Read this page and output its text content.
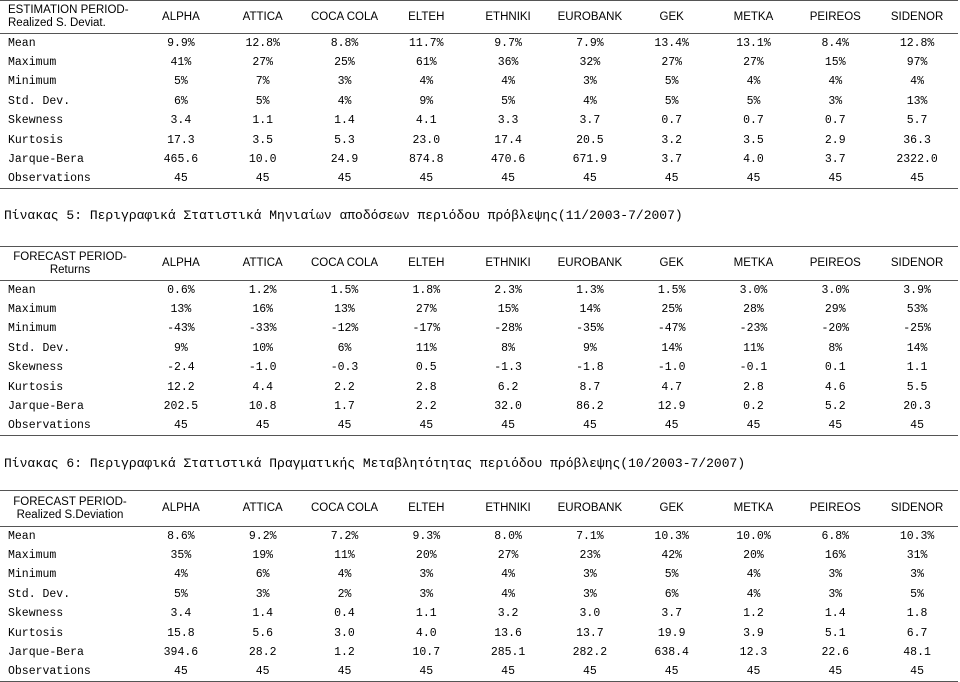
ESTIMATION PERIOD-
Realized S. Deviat.	ALPHA	ATTICA	COCA COLA	ELTEH	ETHNIKI	EUROBANK	GEK	METKA	PEIREOS	SIDENOR
Mean	9.9%	12.8%	8.8%	11.7%	9.7%	7.9%	13.4%	13.1%	8.4%	12.8%
Maximum	41%	27%	25%	61%	36%	32%	27%	27%	15%	97%
Minimum	5%	7%	3%	4%	4%	3%	5%	4%	4%	4%
Std. Dev.	6%	5%	4%	9%	5%	4%	5%	5%	3%	13%
Skewness	3.4	1.1	1.4	4.1	3.3	3.7	0.7	0.7	0.7	5.7
Kurtosis	17.3	3.5	5.3	23.0	17.4	20.5	3.2	3.5	2.9	36.3
Jarque-Bera	465.6	10.0	24.9	874.8	470.6	671.9	3.7	4.0	3.7	2322.0
Observations	45	45	45	45	45	45	45	45	45	45
Πίνακας 5: Περιγραφικά Στατιστικά Μηνιαίων αποδόσεων περιόδου πρόβλεψης(11/2003-7/2007)
FORECAST PERIOD-
Returns	ALPHA	ATTICA	COCA COLA	ELTEH	ETHNIKI	EUROBANK	GEK	METKA	PEIREOS	SIDENOR
Mean	0.6%	1.2%	1.5%	1.8%	2.3%	1.3%	1.5%	3.0%	3.0%	3.9%
Maximum	13%	16%	13%	27%	15%	14%	25%	28%	29%	53%
Minimum	-43%	-33%	-12%	-17%	-28%	-35%	-47%	-23%	-20%	-25%
Std. Dev.	9%	10%	6%	11%	8%	9%	14%	11%	8%	14%
Skewness	-2.4	-1.0	-0.3	0.5	-1.3	-1.8	-1.0	-0.1	0.1	1.1
Kurtosis	12.2	4.4	2.2	2.8	6.2	8.7	4.7	2.8	4.6	5.5
Jarque-Bera	202.5	10.8	1.7	2.2	32.0	86.2	12.9	0.2	5.2	20.3
Observations	45	45	45	45	45	45	45	45	45	45
Πίνακας 6: Περιγραφικά Στατιστικά Πραγματικής Μεταβλητότητας περιόδου πρόβλεψης(10/2003-7/2007)
FORECAST PERIOD-
Realized S.Deviation	ALPHA	ATTICA	COCA COLA	ELTEH	ETHNIKI	EUROBANK	GEK	METKA	PEIREOS	SIDENOR
Mean	8.6%	9.2%	7.2%	9.3%	8.0%	7.1%	10.3%	10.0%	6.8%	10.3%
Maximum	35%	19%	11%	20%	27%	23%	42%	20%	16%	31%
Minimum	4%	6%	4%	3%	4%	3%	5%	4%	3%	3%
Std. Dev.	5%	3%	2%	3%	4%	3%	6%	4%	3%	5%
Skewness	3.4	1.4	0.4	1.1	3.2	3.0	3.7	1.2	1.4	1.8
Kurtosis	15.8	5.6	3.0	4.0	13.6	13.7	19.9	3.9	5.1	6.7
Jarque-Bera	394.6	28.2	1.2	10.7	285.1	282.2	638.4	12.3	22.6	48.1
Observations	45	45	45	45	45	45	45	45	45	45
